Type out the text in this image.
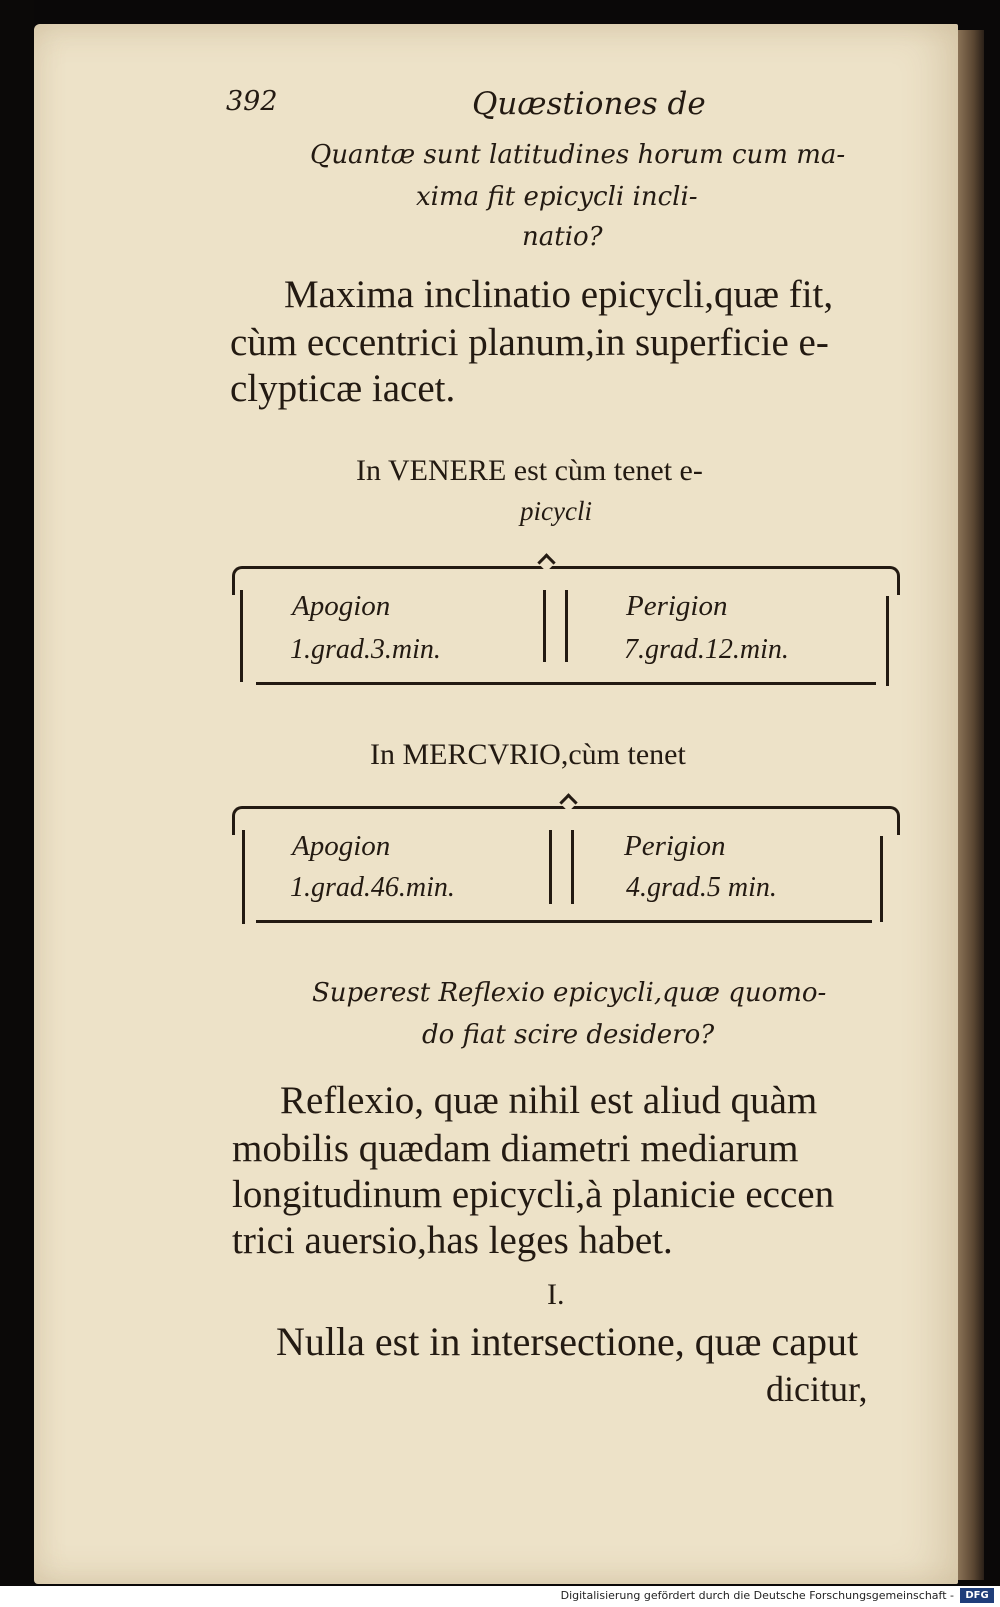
392	Quæstiones de
Quantæ sunt latitudines horum cum ma-
xima fit epicycli incli-
natio?
Maxima inclinatio epicycli,quæ fit,
cùm eccentrici planum,in superficie e-
clypticæ iacet.
In VENERE est cùm tenet e-
picycli
Apogion
1.grad.3.min.
Perigion
7.grad.12.min.
In MERCVRIO,cùm tenet
Apogion
1.grad.46.min.
Perigion
4.grad.5 min.
Superest Reflexio epicycli,quæ quomo-
do fiat scire desidero?
Reflexio, quæ nihil est aliud quàm
mobilis quædam diametri mediarum
longitudinum epicycli,à planicie eccen
trici auersio,has leges habet.
I.
Nulla est in intersectione, quæ caput
dicitur,
Digitalisierung gefördert durch die Deutsche Forschungsgemeinschaft -	DFG
